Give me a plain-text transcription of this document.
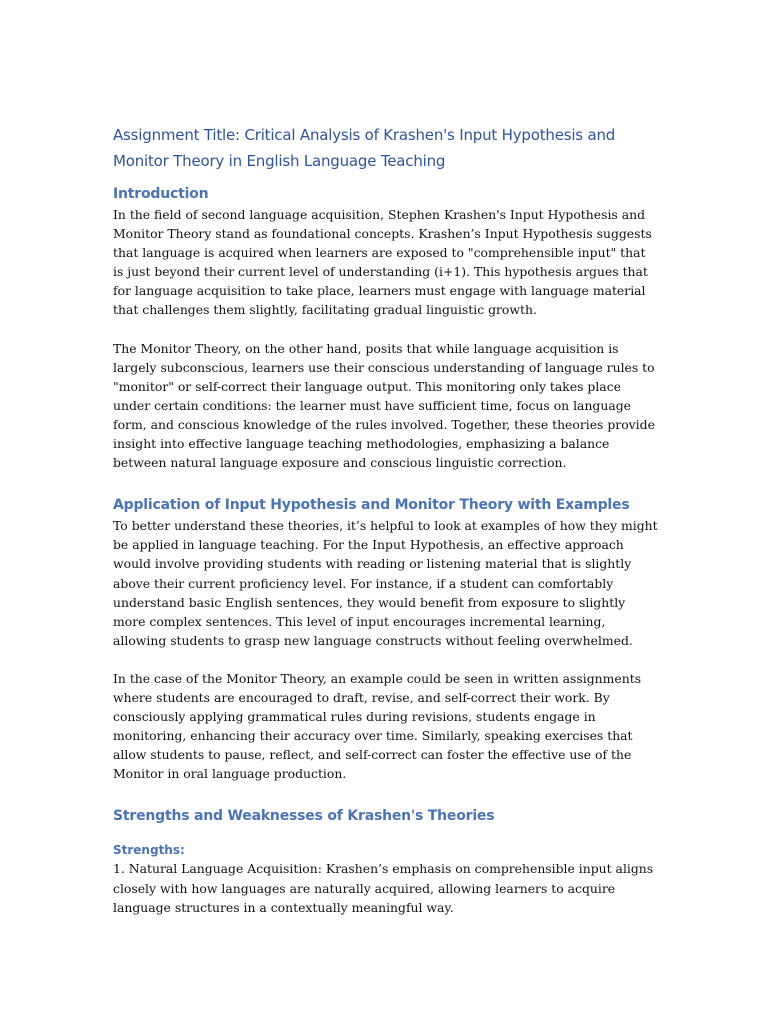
Assignment Title: Critical Analysis of Krashen's Input Hypothesis and Monitor Theory in English Language Teaching
Introduction

In the field of second language acquisition, Stephen Krashen's Input Hypothesis and Monitor Theory stand as foundational concepts. Krashen’s Input Hypothesis suggests that language is acquired when learners are exposed to "comprehensible input" that is just beyond their current level of understanding (i+1). This hypothesis argues that for language acquisition to take place, learners must engage with language material that challenges them slightly, facilitating gradual linguistic growth.

The Monitor Theory, on the other hand, posits that while language acquisition is largely subconscious, learners use their conscious understanding of language rules to "monitor" or self-correct their language output. This monitoring only takes place under certain conditions: the learner must have sufficient time, focus on language form, and conscious knowledge of the rules involved. Together, these theories provide insight into effective language teaching methodologies, emphasizing a balance between natural language exposure and conscious linguistic correction.

Application of Input Hypothesis and Monitor Theory with Examples

To better understand these theories, it’s helpful to look at examples of how they might be applied in language teaching. For the Input Hypothesis, an effective approach would involve providing students with reading or listening material that is slightly above their current proficiency level. For instance, if a student can comfortably understand basic English sentences, they would benefit from exposure to slightly more complex sentences. This level of input encourages incremental learning, allowing students to grasp new language constructs without feeling overwhelmed.

In the case of the Monitor Theory, an example could be seen in written assignments where students are encouraged to draft, revise, and self-correct their work. By consciously applying grammatical rules during revisions, students engage in monitoring, enhancing their accuracy over time. Similarly, speaking exercises that allow students to pause, reflect, and self-correct can foster the effective use of the Monitor in oral language production.

Strengths and Weaknesses of Krashen's Theories
Strengths:

1. Natural Language Acquisition: Krashen’s emphasis on comprehensible input aligns closely with how languages are naturally acquired, allowing learners to acquire language structures in a contextually meaningful way.
